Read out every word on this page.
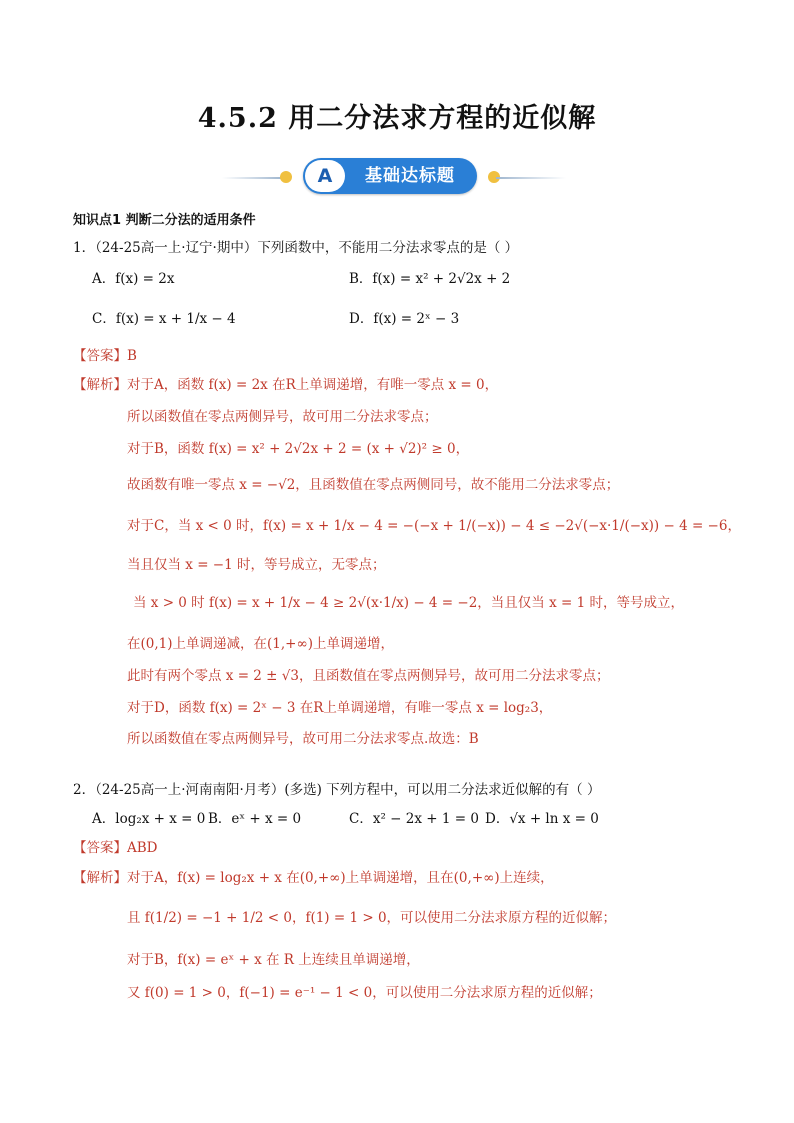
4.5.2 用二分法求方程的近似解
A	基础达标题
知识点1 判断二分法的适用条件
1．（24-25高一上·辽宁·期中）下列函数中，不能用二分法求零点的是（ ）
A．f(x) = 2x	B．f(x) = x² + 2√2x + 2
C．f(x) = x + 1/x − 4	D．f(x) = 2ˣ − 3
【答案】B
【解析】 对于A，函数 f(x) = 2x 在R上单调递增，有唯一零点 x = 0，
所以函数值在零点两侧异号，故可用二分法求零点；
对于B，函数 f(x) = x² + 2√2x + 2 = (x + √2)² ≥ 0，
故函数有唯一零点 x = −√2，且函数值在零点两侧同号，故不能用二分法求零点；
对于C，当 x < 0 时，f(x) = x + 1/x − 4 = −(−x + 1/(−x)) − 4 ≤ −2√(−x·1/(−x)) − 4 = −6，
当且仅当 x = −1 时，等号成立，无零点；
当 x > 0 时 f(x) = x + 1/x − 4 ≥ 2√(x·1/x) − 4 = −2，当且仅当 x = 1 时，等号成立，
在(0,1)上单调递减，在(1,+∞)上单调递增，
此时有两个零点 x = 2 ± √3，且函数值在零点两侧异号，故可用二分法求零点；
对于D，函数 f(x) = 2ˣ − 3 在R上单调递增，有唯一零点 x = log₂3，
所以函数值在零点两侧异号，故可用二分法求零点.故选：B
2．（24-25高一上·河南南阳·月考）(多选) 下列方程中，可以用二分法求近似解的有（ ）
A．log₂x + x = 0 B．eˣ + x = 0	C．x² − 2x + 1 = 0 D．√x + ln x = 0
【答案】ABD
【解析】 对于A，f(x) = log₂x + x 在(0,+∞)上单调递增，且在(0,+∞)上连续，
且 f(1/2) = −1 + 1/2 < 0，f(1) = 1 > 0，可以使用二分法求原方程的近似解；
对于B，f(x) = eˣ + x 在 R 上连续且单调递增，
又 f(0) = 1 > 0，f(−1) = e⁻¹ − 1 < 0，可以使用二分法求原方程的近似解；
